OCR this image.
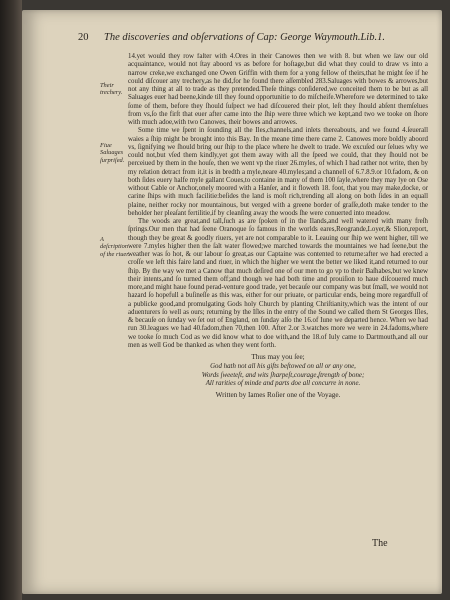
20 The discoveries and obſervations of Cap: George Waymouth.Lib.1.
Their trechery.
Fiue Saluages ſurpriſed.
A deſcription of the riuer.

14.yet would they row faſter with 4.Ores in their Canowes then we with 8. but when we ſaw our old acquaintance, would not ſtay aboord vs as before for hoſtage,but did what they could to draw vs into a narrow creke,we exchanged one Owen Griffin with them for a yong fellow of theirs,that he might ſee if he could diſcouer any trechery,as he did,for he found there aſſembled 283.Saluages with bowes & arrowes,but not any thing at all to trade as they pretended.Theſe things conſidered,we conceited them to be but as all Saluages euer had beene,kinde till they found opportunitie to do miſcheife.Wherefore we determined to take ſome of them, before they ſhould ſuſpect we had diſcouered their plot, leſt they ſhould abſent themſelues from vs,ſo the firſt that euer after came into the ſhip were three which we kept,and two we tooke on ſhore with much adoe,with two Canowes, their bowes and arrowes.

Some time we ſpent in ſounding all the Iles,channels,and inlets thereabouts, and we found 4.ſeuerall waies a ſhip might be brought into this Bay. In the meane time there came 2. Canowes more boldly aboord vs, ſignifying we ſhould bring our ſhip to the place where he dwelt to trade. We excuſed our ſelues why we could not,but vſed them kindly,yet got them away with all the ſpeed we could, that they ſhould not be perceiued by them in the houſe, then we went vp the riuer 26.myles, of which I had rather not write, then by my relation detract from it,it is in bredth a myle,neare 40.myles;and a channell of 6.7.8.9.or 10.fadom, & on both ſides euery halfe myle gallant Coues,to containe in many of them 100 ſayle,where they may lye on Ose without Cable or Anchor,onely moored with a Hanſer, and it floweth 18. foot, that you may make,docke, or carine ſhips with much facilitie:beſides the land is moſt rich,trending all along on both ſides in an equall plaine, neither rocky nor mountainous, but verged with a greene border of graſſe,doth make tender to the beholder her pleaſant fertilitie,if by cleanſing away the woods ſhe were conuerted into meadow.

The woods are great,and tall,ſuch as are ſpoken of in the Ilands,and well watered with many freſh ſprings.Our men that had ſeene Oranoque ſo famous in the worlds eares,Reogrande,Loyer,& Slion,report, though they be great & goodly riuers, yet are not comparable to it. Leauing our ſhip we went higher, till we were 7.myles higher then the ſalt water flowed;we marched towards the mountaines we had ſeene,but the weather was ſo hot, & our labour ſo great,as our Captaine was contented to returne:after we had erected a croſſe we left this faire land and riuer, in which the higher we went the better we liked it,and returned to our ſhip. By the way we met a Canow that much deſired one of our men to go vp to their Baſhabes,but we knew their intents,and ſo turned them off;and though we had both time and prouiſion to haue diſcouered much more,and might haue found perad-venture good trade, yet becauſe our company was but ſmall, we would not hazard ſo hopefull a buſineſſe as this was, either for our priuate, or particular ends, being more regardfull of a publicke good,and promulgating Gods holy Church by planting Chriſtianity,which was the intent of our aduenturers ſo well as ours; returning by the Iſles in the entry of the Sound we called them St Georges Iſles, & becauſe on ſunday we ſet out of England, on ſunday alſo the 16.of Iune we departed hence. When we had run 30.leagues we had 40.fadom,then 70,then 100. After 2.or 3.watches more we were in 24.fadoms,where we tooke ſo much Cod as we did know what to doe with,and the 18.of Iuly came to Dartmouth,and all our men as well God be thanked as when they went forth.

Thus may you ſee;

God hath not all his gifts beſtowed on all or any one,

Words ſweeteſt, and wits ſharpeſt,courage,ſtrength of bone;

All rarities of minde and parts doe all concurre in none.

Written by Iames Roſier one of the Voyage.
The
